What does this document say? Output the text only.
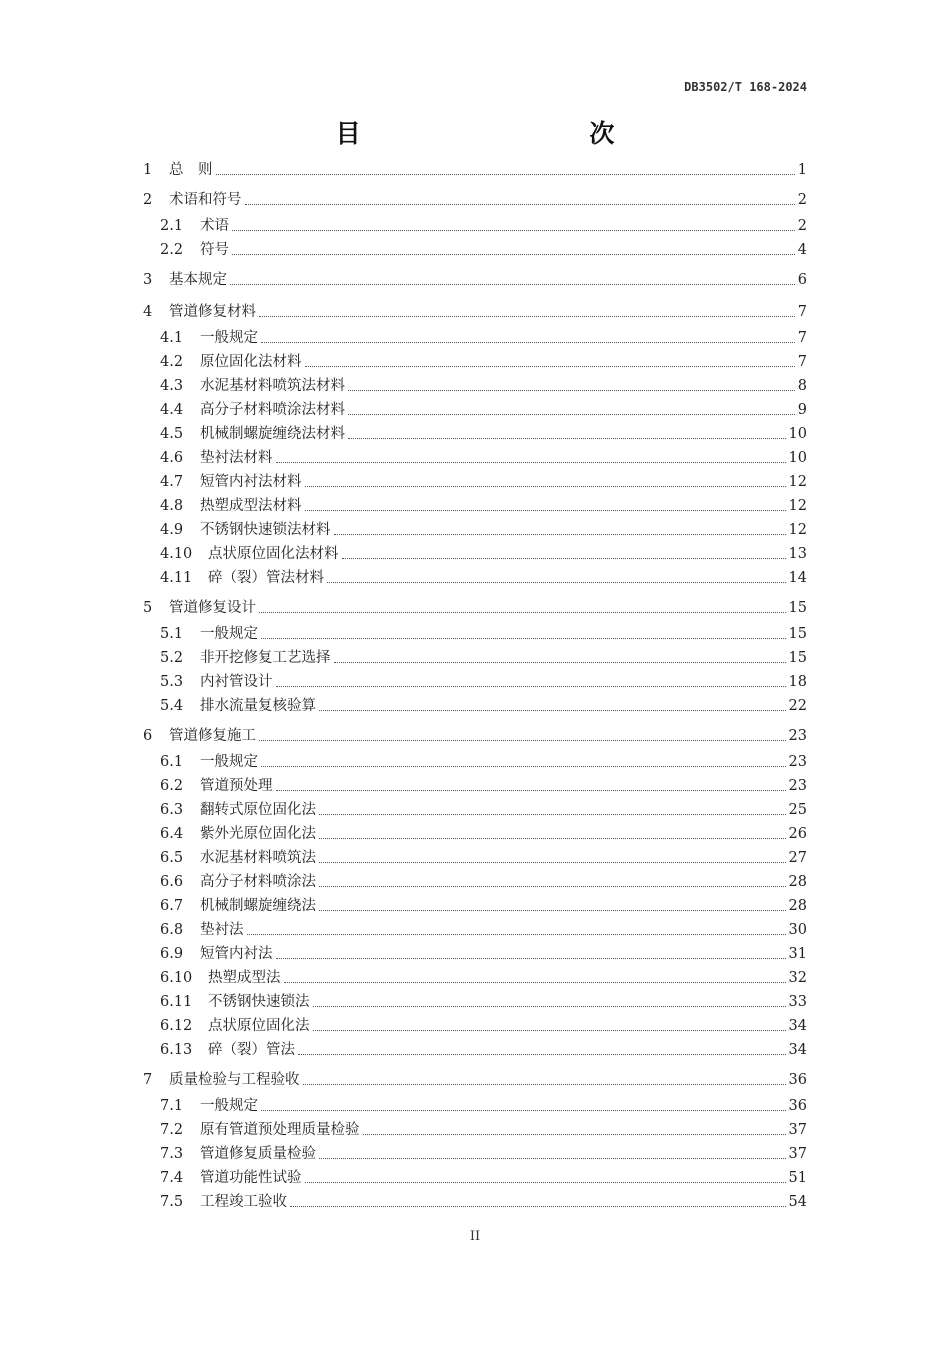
DB3502/T 168-2024
目 次
1	总　则	1
2	术语和符号	2
2.1	术语	2
2.2	符号	4
3	基本规定	6
4	管道修复材料	7
4.1	一般规定	7
4.2	原位固化法材料	7
4.3	水泥基材料喷筑法材料	8
4.4	高分子材料喷涂法材料	9
4.5	机械制螺旋缠绕法材料	10
4.6	垫衬法材料	10
4.7	短管内衬法材料	12
4.8	热塑成型法材料	12
4.9	不锈钢快速锁法材料	12
4.10	点状原位固化法材料	13
4.11	碎（裂）管法材料	14
5	管道修复设计	15
5.1	一般规定	15
5.2	非开挖修复工艺选择	15
5.3	内衬管设计	18
5.4	排水流量复核验算	22
6	管道修复施工	23
6.1	一般规定	23
6.2	管道预处理	23
6.3	翻转式原位固化法	25
6.4	紫外光原位固化法	26
6.5	水泥基材料喷筑法	27
6.6	高分子材料喷涂法	28
6.7	机械制螺旋缠绕法	28
6.8	垫衬法	30
6.9	短管内衬法	31
6.10	热塑成型法	32
6.11	不锈钢快速锁法	33
6.12	点状原位固化法	34
6.13	碎（裂）管法	34
7	质量检验与工程验收	36
7.1	一般规定	36
7.2	原有管道预处理质量检验	37
7.3	管道修复质量检验	37
7.4	管道功能性试验	51
7.5	工程竣工验收	54
II
